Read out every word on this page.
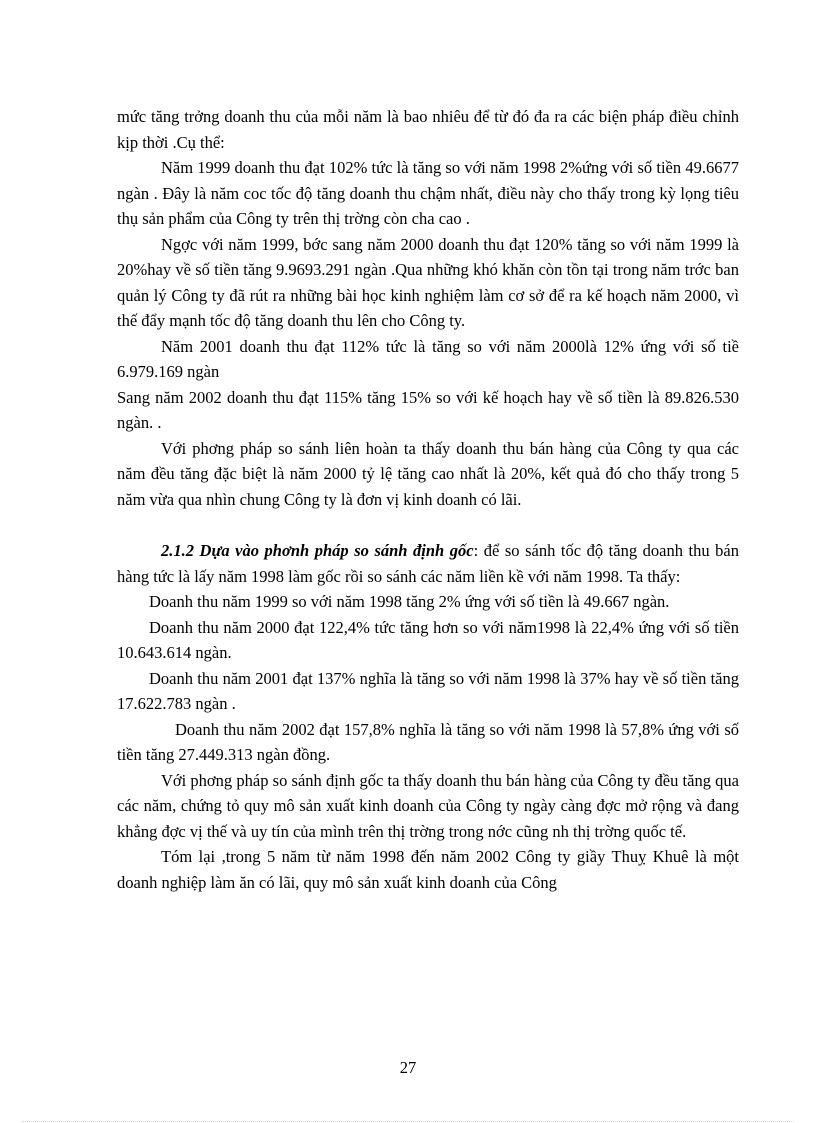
mức tăng trởng doanh thu của mỗi năm là bao nhiêu để từ đó đa ra các biện pháp điều chỉnh kịp thời .Cụ thể:

Năm 1999 doanh thu đạt 102% tức là tăng so với năm 1998 2%ứng với số tiền 49.6677 ngàn . Đây là năm coc tốc độ tăng doanh thu chậm nhất, điều này cho thấy trong kỳ lọng tiêu thụ sản phẩm của Công ty trên thị trờng còn cha cao .

Ngợc với năm 1999, bớc sang năm 2000 doanh thu đạt 120% tăng so với năm 1999 là 20%hay về số tiền tăng 9.9693.291 ngàn .Qua những khó khăn còn tồn tại trong năm trớc ban quản lý Công ty đã rút ra những bài học kinh nghiệm làm cơ sở để ra kế hoạch năm 2000, vì thế đẩy mạnh tốc độ tăng doanh thu lên cho Công ty.

Năm 2001 doanh thu đạt 112% tức là tăng so với năm 2000là 12% ứng với số tiề 6.979.169 ngàn

Sang năm 2002 doanh thu đạt 115% tăng 15% so với kế hoạch hay về số tiền là 89.826.530 ngàn. .

Với phơng pháp so sánh liên hoàn ta thấy doanh thu bán hàng của Công ty qua các năm đều tăng đặc biệt là năm 2000 tỷ lệ tăng cao nhất là 20%, kết quả đó cho thấy trong 5 năm vừa qua nhìn chung Công ty là đơn vị kinh doanh có lãi.

2.1.2 Dựa vào phơnh pháp so sánh định gốc: để so sánh tốc độ tăng doanh thu bán hàng tức là lấy năm 1998 làm gốc rồi so sánh các năm liền kề với năm 1998. Ta thấy:

Doanh thu năm 1999 so với năm 1998 tăng 2% ứng với số tiền là 49.667 ngàn.

Doanh thu năm 2000 đạt 122,4% tức tăng hơn so với năm1998 là 22,4% ứng với số tiền 10.643.614 ngàn.

Doanh thu năm 2001 đạt 137% nghĩa là tăng so với năm 1998 là 37% hay về số tiền tăng 17.622.783 ngàn .

Doanh thu năm 2002 đạt 157,8% nghĩa là tăng so với năm 1998 là 57,8% ứng với số tiền tăng 27.449.313 ngàn đồng.

Với phơng pháp so sánh định gốc ta thấy doanh thu bán hàng của Công ty đều tăng qua các năm, chứng tỏ quy mô sản xuất kinh doanh của Công ty ngày càng đợc mở rộng và đang khẳng đợc vị thế và uy tín của mình trên thị trờng trong nớc cũng nh thị trờng quốc tế.

Tóm lại ,trong 5 năm từ năm 1998 đến năm 2002 Công ty giầy Thuỵ Khuê là một doanh nghiệp làm ăn có lãi, quy mô sản xuất kinh doanh của Công

27
